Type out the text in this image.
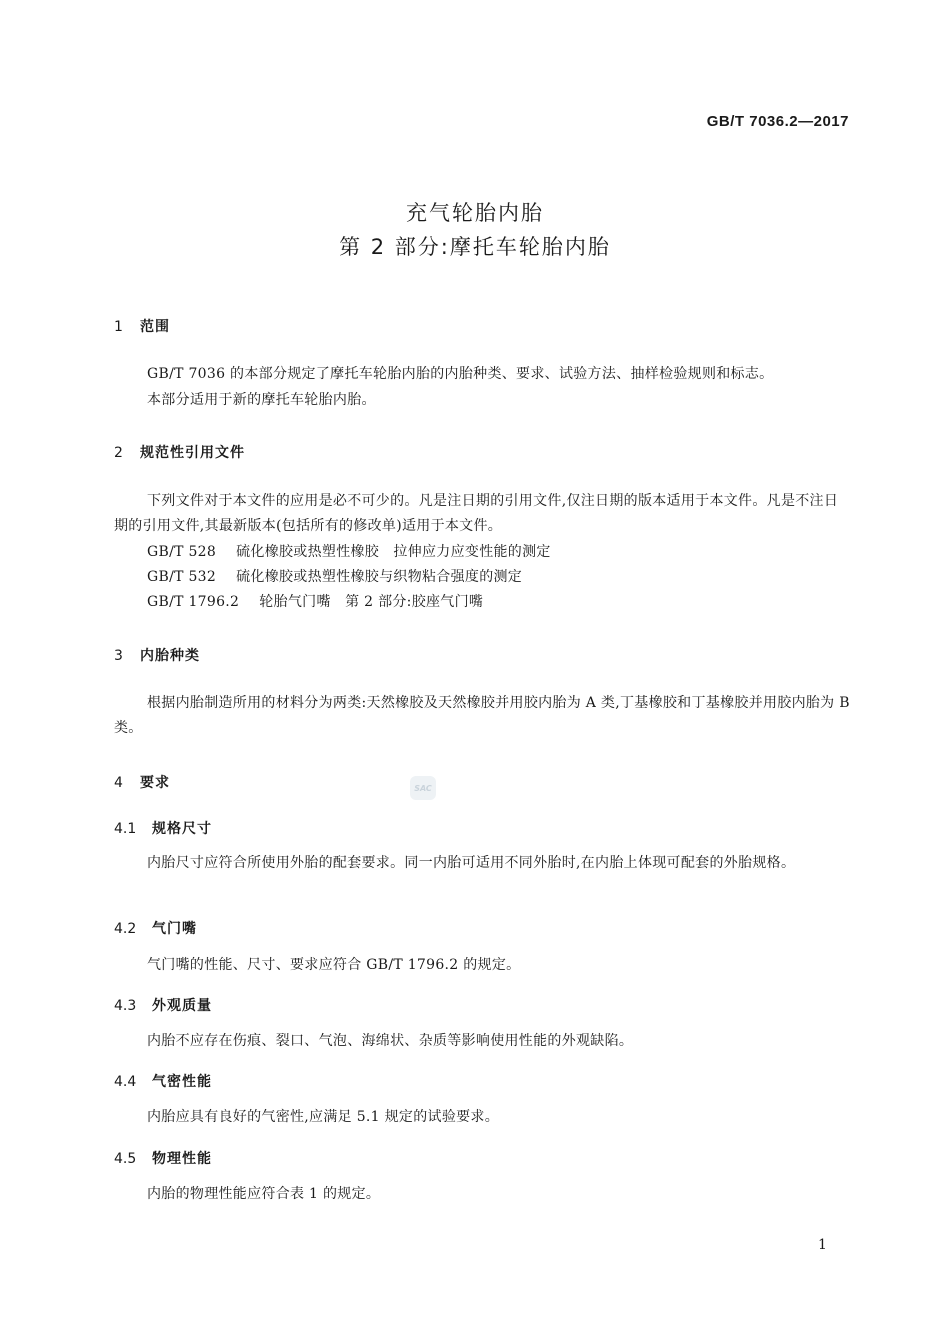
GB/T 7036.2—2017
充气轮胎内胎
第 2 部分:摩托车轮胎内胎
1 范围
GB/T 7036 的本部分规定了摩托车轮胎内胎的内胎种类、要求、试验方法、抽样检验规则和标志。
本部分适用于新的摩托车轮胎内胎。
2 规范性引用文件
下列文件对于本文件的应用是必不可少的。凡是注日期的引用文件,仅注日期的版本适用于本文件。凡是不注日期的引用文件,其最新版本(包括所有的修改单)适用于本文件。
GB/T 528 硫化橡胶或热塑性橡胶　拉伸应力应变性能的测定
GB/T 532 硫化橡胶或热塑性橡胶与织物粘合强度的测定
GB/T 1796.2 轮胎气门嘴　第 2 部分:胶座气门嘴
3 内胎种类
根据内胎制造所用的材料分为两类:天然橡胶及天然橡胶并用胶内胎为 A 类,丁基橡胶和丁基橡胶并用胶内胎为 B 类。
4 要求	SAC
4.1 规格尺寸
内胎尺寸应符合所使用外胎的配套要求。同一内胎可适用不同外胎时,在内胎上体现可配套的外胎规格。
4.2 气门嘴
气门嘴的性能、尺寸、要求应符合 GB/T 1796.2 的规定。
4.3 外观质量
内胎不应存在伤痕、裂口、气泡、海绵状、杂质等影响使用性能的外观缺陷。
4.4 气密性能
内胎应具有良好的气密性,应满足 5.1 规定的试验要求。
4.5 物理性能
内胎的物理性能应符合表 1 的规定。
1
